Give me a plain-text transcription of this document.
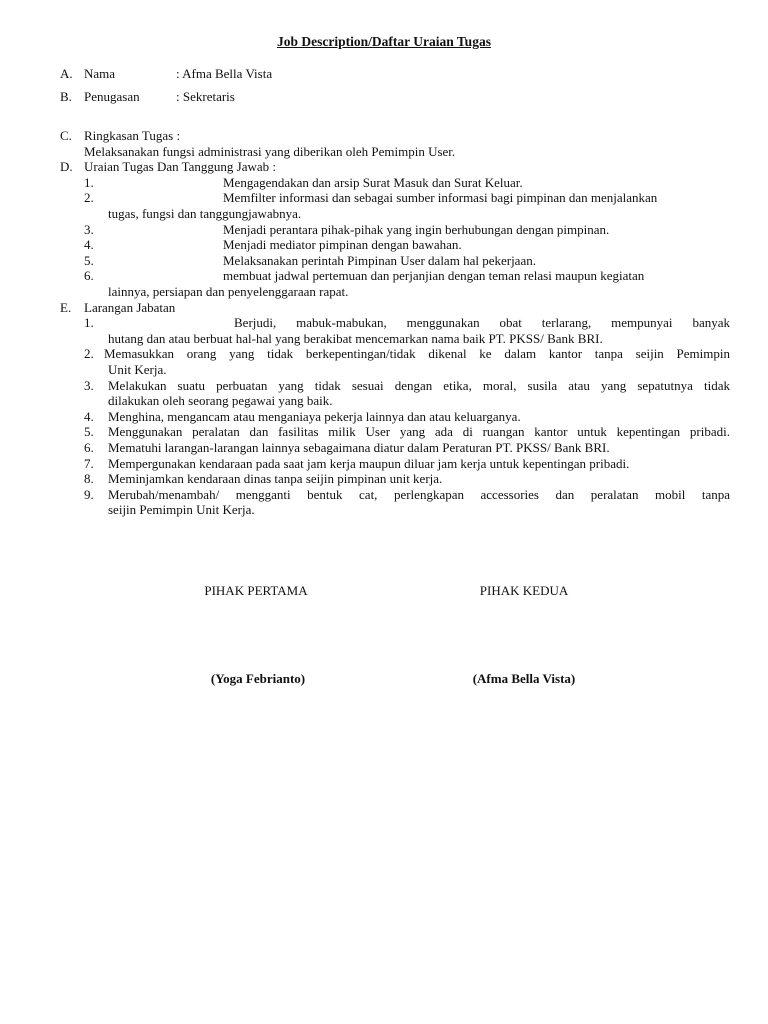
Job Description/Daftar Uraian Tugas
A. Nama	: Afma Bella Vista
B. Penugasan	: Sekretaris
C. Ringkasan Tugas :
Melaksanakan fungsi administrasi yang diberikan oleh Pemimpin User.
D. Uraian Tugas Dan Tanggung Jawab :
1.	Mengagendakan dan arsip Surat Masuk dan Surat Keluar.
2.	Memfilter informasi dan sebagai sumber informasi bagi pimpinan dan menjalankan
tugas, fungsi dan tanggungjawabnya.
3.	Menjadi perantara pihak-pihak yang ingin berhubungan dengan pimpinan.
4.	Menjadi mediator pimpinan dengan bawahan.
5.	Melaksanakan perintah Pimpinan User dalam hal pekerjaan.
6.	membuat jadwal pertemuan dan perjanjian dengan teman relasi maupun kegiatan
lainnya, persiapan dan penyelenggaraan rapat.
E. Larangan Jabatan
1.	Berjudi, mabuk-mabukan, menggunakan obat terlarang, mempunyai banyak
hutang dan atau berbuat hal-hal yang berakibat mencemarkan nama baik PT. PKSS/ Bank BRI.
2. Memasukkan orang yang tidak berkepentingan/tidak dikenal ke dalam kantor tanpa seijin Pemimpin
Unit Kerja.
3. Melakukan suatu perbuatan yang tidak sesuai dengan etika, moral, susila atau yang sepatutnya tidak
dilakukan oleh seorang pegawai yang baik.
4. Menghina, mengancam atau menganiaya pekerja lainnya dan atau keluarganya.
5. Menggunakan peralatan dan fasilitas milik User yang ada di ruangan kantor untuk kepentingan pribadi.
6. Mematuhi larangan-larangan lainnya sebagaimana diatur dalam Peraturan PT. PKSS/ Bank BRI.
7. Mempergunakan kendaraan pada saat jam kerja maupun diluar jam kerja untuk kepentingan pribadi.
8. Meminjamkan kendaraan dinas tanpa seijin pimpinan unit kerja.
9. Merubah/menambah/ mengganti bentuk cat, perlengkapan accessories dan peralatan mobil tanpa
seijin Pemimpin Unit Kerja.
PIHAK PERTAMA	PIHAK KEDUA
(Yoga Febrianto)	(Afma Bella Vista)
